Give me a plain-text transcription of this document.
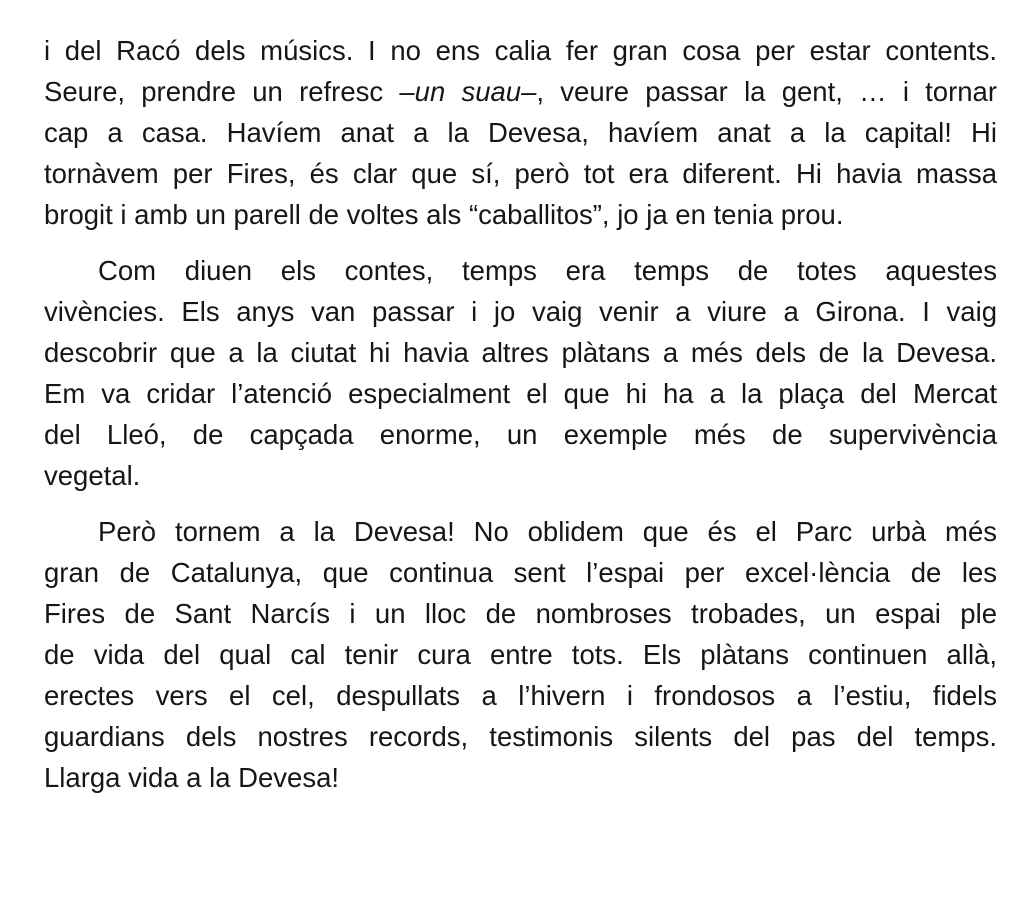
i del Racó dels músics. I no ens calia fer gran cosa per estar contents.
Seure, prendre un refresc –un suau–, veure passar la gent, … i tornar
cap a casa. Havíem anat a la Devesa, havíem anat a la capital! Hi
tornàvem per Fires, és clar que sí, però tot era diferent. Hi havia massa
brogit i amb un parell de voltes als “caballitos”, jo ja en tenia prou.
Com diuen els contes, temps era temps de totes aquestes
vivències. Els anys van passar i jo vaig venir a viure a Girona. I vaig
descobrir que a la ciutat hi havia altres plàtans a més dels de la Devesa.
Em va cridar l’atenció especialment el que hi ha a la plaça del Mercat
del Lleó, de capçada enorme, un exemple més de supervivència
vegetal.
Però tornem a la Devesa! No oblidem que és el Parc urbà més
gran de Catalunya, que continua sent l’espai per excel·lència de les
Fires de Sant Narcís i un lloc de nombroses trobades, un espai ple
de vida del qual cal tenir cura entre tots. Els plàtans continuen allà,
erectes vers el cel, despullats a l’hivern i frondosos a l’estiu, fidels
guardians dels nostres records, testimonis silents del pas del temps.
Llarga vida a la Devesa!
